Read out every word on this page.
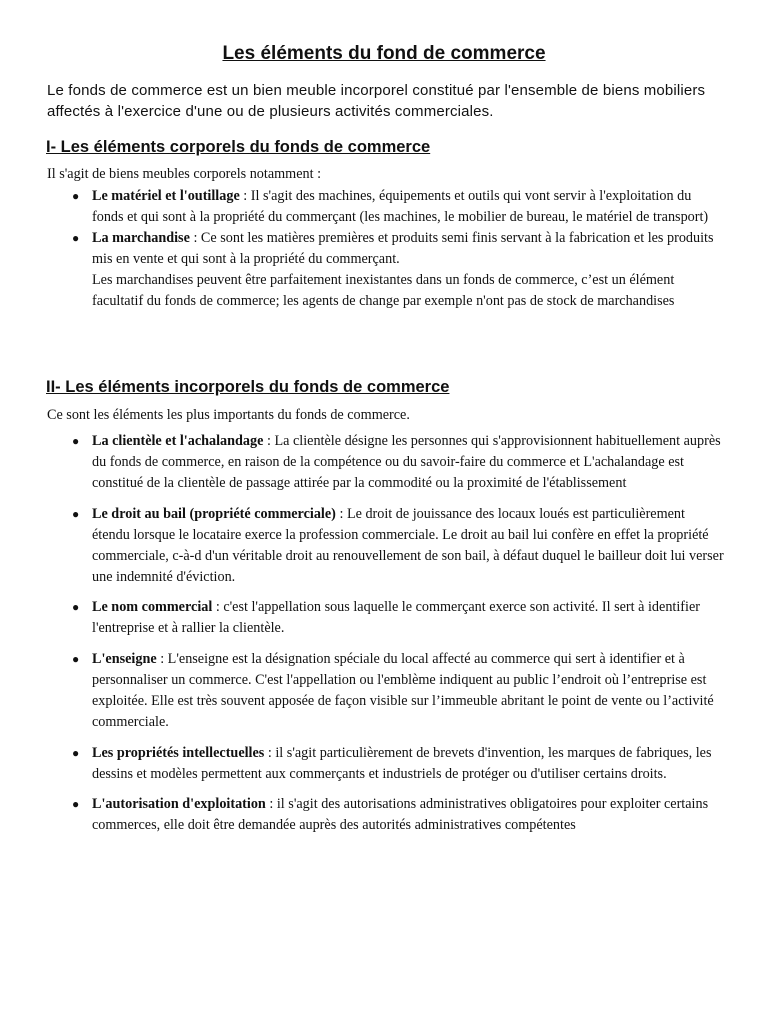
Les éléments du fond de commerce

Le fonds de commerce est un bien meuble incorporel constitué par l'ensemble de biens mobiliers affectés à l'exercice d'une ou de plusieurs activités commerciales.

I- Les éléments corporels du fonds de commerce

Il s'agit de biens meubles corporels notamment :

● Le matériel et l'outillage : Il s'agit des machines, équipements et outils qui vont servir à l'exploitation du fonds et qui sont à la propriété du commerçant (les machines, le mobilier de bureau, le matériel de transport)
● La marchandise : Ce sont les matières premières et produits semi finis servant à la fabrication et les produits mis en vente et qui sont à la propriété du commerçant.
Les marchandises peuvent être parfaitement inexistantes dans un fonds de commerce, c’est un élément facultatif du fonds de commerce; les agents de change par exemple n'ont pas de stock de marchandises
II- Les éléments incorporels du fonds de commerce

Ce sont les éléments les plus importants du fonds de commerce.

● La clientèle et l'achalandage : La clientèle désigne les personnes qui s'approvisionnent habituellement auprès du fonds de commerce, en raison de la compétence ou du savoir-faire du commerce et L'achalandage est constitué de la clientèle de passage attirée par la commodité ou la proximité de l'établissement
● Le droit au bail (propriété commerciale) : Le droit de jouissance des locaux loués est particulièrement étendu lorsque le locataire exerce la profession commerciale. Le droit au bail lui confère en effet la propriété commerciale, c-à-d d'un véritable droit au renouvellement de son bail, à défaut duquel le bailleur doit lui verser une indemnité d'éviction.
● Le nom commercial : c'est l'appellation sous laquelle le commerçant exerce son activité. Il sert à identifier l'entreprise et à rallier la clientèle.
● L'enseigne : L'enseigne est la désignation spéciale du local affecté au commerce qui sert à identifier et à personnaliser un commerce. C'est l'appellation ou l'emblème indiquent au public l’endroit où l’entreprise est exploitée. Elle est très souvent apposée de façon visible sur l’immeuble abritant le point de vente ou l’activité commerciale.
● Les propriétés intellectuelles : il s'agit particulièrement de brevets d'invention, les marques de fabriques, les dessins et modèles permettent aux commerçants et industriels de protéger ou d'utiliser certains droits.
● L'autorisation d'exploitation : il s'agit des autorisations administratives obligatoires pour exploiter certains commerces, elle doit être demandée auprès des autorités administratives compétentes
